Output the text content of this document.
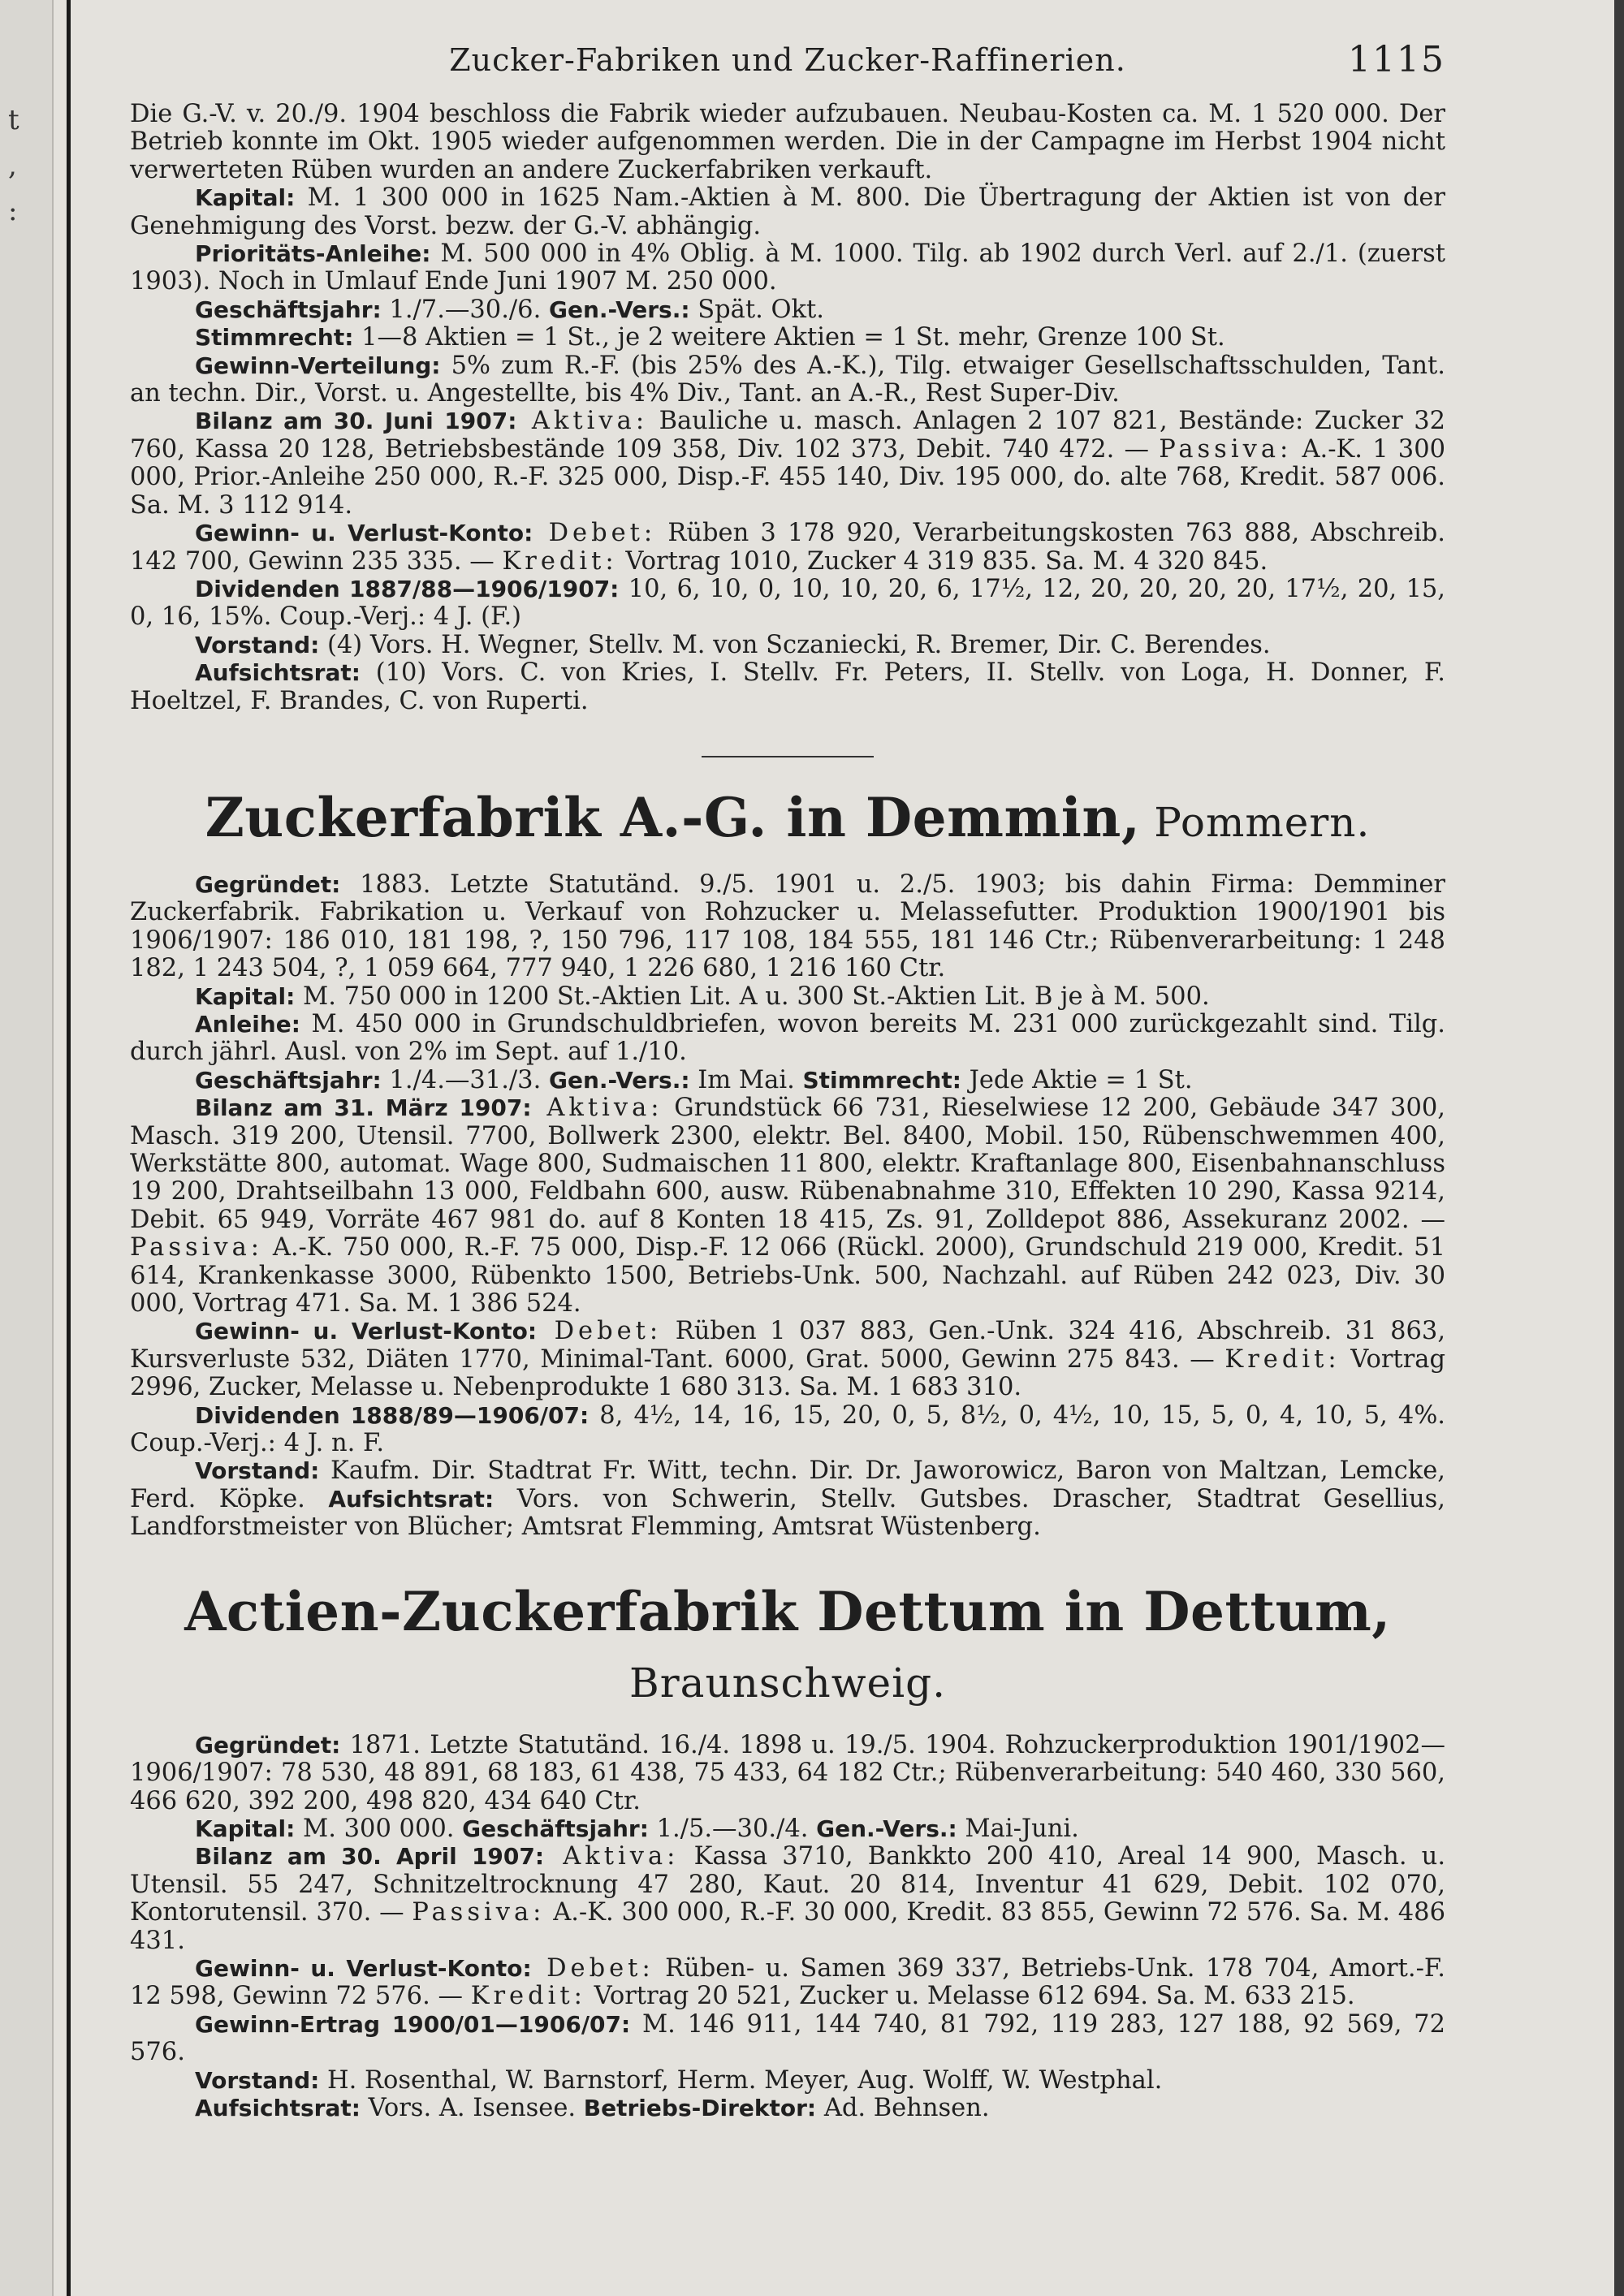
t
,
:
Zucker-Fabriken und Zucker-Raffinerien.	1115

Die G.-V. v. 20./9. 1904 beschloss die Fabrik wieder aufzubauen. Neubau-Kosten ca. M. 1 520 000. Der Betrieb konnte im Okt. 1905 wieder aufgenommen werden. Die in der Campagne im Herbst 1904 nicht verwerteten Rüben wurden an andere Zuckerfabriken verkauft.

Kapital: M. 1 300 000 in 1625 Nam.-Aktien à M. 800. Die Übertragung der Aktien ist von der Genehmigung des Vorst. bezw. der G.-V. abhängig.

Prioritäts-Anleihe: M. 500 000 in 4% Oblig. à M. 1000. Tilg. ab 1902 durch Verl. auf 2./1. (zuerst 1903). Noch in Umlauf Ende Juni 1907 M. 250 000.

Geschäftsjahr: 1./7.—30./6. Gen.-Vers.: Spät. Okt.

Stimmrecht: 1—8 Aktien = 1 St., je 2 weitere Aktien = 1 St. mehr, Grenze 100 St.

Gewinn-Verteilung: 5% zum R.-F. (bis 25% des A.-K.), Tilg. etwaiger Gesellschaftsschulden, Tant. an techn. Dir., Vorst. u. Angestellte, bis 4% Div., Tant. an A.-R., Rest Super-Div.

Bilanz am 30. Juni 1907: Aktiva: Bauliche u. masch. Anlagen 2 107 821, Bestände: Zucker 32 760, Kassa 20 128, Betriebsbestände 109 358, Div. 102 373, Debit. 740 472. — Passiva: A.-K. 1 300 000, Prior.-Anleihe 250 000, R.-F. 325 000, Disp.-F. 455 140, Div. 195 000, do. alte 768, Kredit. 587 006. Sa. M. 3 112 914.

Gewinn- u. Verlust-Konto: Debet: Rüben 3 178 920, Verarbeitungskosten 763 888, Abschreib. 142 700, Gewinn 235 335. — Kredit: Vortrag 1010, Zucker 4 319 835. Sa. M. 4 320 845.

Dividenden 1887/88—1906/1907: 10, 6, 10, 0, 10, 10, 20, 6, 17½, 12, 20, 20, 20, 20, 17½, 20, 15, 0, 16, 15%. Coup.-Verj.: 4 J. (F.)

Vorstand: (4) Vors. H. Wegner, Stellv. M. von Sczaniecki, R. Bremer, Dir. C. Berendes.

Aufsichtsrat: (10) Vors. C. von Kries, I. Stellv. Fr. Peters, II. Stellv. von Loga, H. Donner, F. Hoeltzel, F. Brandes, C. von Ruperti.

Zuckerfabrik A.-G. in Demmin, Pommern.

Gegründet: 1883. Letzte Statutänd. 9./5. 1901 u. 2./5. 1903; bis dahin Firma: Demminer Zuckerfabrik. Fabrikation u. Verkauf von Rohzucker u. Melassefutter. Produktion 1900/1901 bis 1906/1907: 186 010, 181 198, ?, 150 796, 117 108, 184 555, 181 146 Ctr.; Rübenverarbeitung: 1 248 182, 1 243 504, ?, 1 059 664, 777 940, 1 226 680, 1 216 160 Ctr.

Kapital: M. 750 000 in 1200 St.-Aktien Lit. A u. 300 St.-Aktien Lit. B je à M. 500.

Anleihe: M. 450 000 in Grundschuldbriefen, wovon bereits M. 231 000 zurückgezahlt sind. Tilg. durch jährl. Ausl. von 2% im Sept. auf 1./10.

Geschäftsjahr: 1./4.—31./3. Gen.-Vers.: Im Mai. Stimmrecht: Jede Aktie = 1 St.

Bilanz am 31. März 1907: Aktiva: Grundstück 66 731, Rieselwiese 12 200, Gebäude 347 300, Masch. 319 200, Utensil. 7700, Bollwerk 2300, elektr. Bel. 8400, Mobil. 150, Rübenschwemmen 400, Werkstätte 800, automat. Wage 800, Sudmaischen 11 800, elektr. Kraftanlage 800, Eisenbahnanschluss 19 200, Drahtseilbahn 13 000, Feldbahn 600, ausw. Rübenabnahme 310, Effekten 10 290, Kassa 9214, Debit. 65 949, Vorräte 467 981 do. auf 8 Konten 18 415, Zs. 91, Zolldepot 886, Assekuranz 2002. — Passiva: A.-K. 750 000, R.-F. 75 000, Disp.-F. 12 066 (Rückl. 2000), Grundschuld 219 000, Kredit. 51 614, Krankenkasse 3000, Rübenkto 1500, Betriebs-Unk. 500, Nachzahl. auf Rüben 242 023, Div. 30 000, Vortrag 471. Sa. M. 1 386 524.

Gewinn- u. Verlust-Konto: Debet: Rüben 1 037 883, Gen.-Unk. 324 416, Abschreib. 31 863, Kursverluste 532, Diäten 1770, Minimal-Tant. 6000, Grat. 5000, Gewinn 275 843. — Kredit: Vortrag 2996, Zucker, Melasse u. Nebenprodukte 1 680 313. Sa. M. 1 683 310.

Dividenden 1888/89—1906/07: 8, 4½, 14, 16, 15, 20, 0, 5, 8½, 0, 4½, 10, 15, 5, 0, 4, 10, 5, 4%. Coup.-Verj.: 4 J. n. F.

Vorstand: Kaufm. Dir. Stadtrat Fr. Witt, techn. Dir. Dr. Jaworowicz, Baron von Maltzan, Lemcke, Ferd. Köpke. Aufsichtsrat: Vors. von Schwerin, Stellv. Gutsbes. Drascher, Stadtrat Gesellius, Landforstmeister von Blücher; Amtsrat Flemming, Amtsrat Wüstenberg.

Actien-Zuckerfabrik Dettum in Dettum, Braunschweig.

Gegründet: 1871. Letzte Statutänd. 16./4. 1898 u. 19./5. 1904. Rohzuckerproduktion 1901/1902—1906/1907: 78 530, 48 891, 68 183, 61 438, 75 433, 64 182 Ctr.; Rübenverarbeitung: 540 460, 330 560, 466 620, 392 200, 498 820, 434 640 Ctr.

Kapital: M. 300 000. Geschäftsjahr: 1./5.—30./4. Gen.-Vers.: Mai-Juni.

Bilanz am 30. April 1907: Aktiva: Kassa 3710, Bankkto 200 410, Areal 14 900, Masch. u. Utensil. 55 247, Schnitzeltrocknung 47 280, Kaut. 20 814, Inventur 41 629, Debit. 102 070, Kontorutensil. 370. — Passiva: A.-K. 300 000, R.-F. 30 000, Kredit. 83 855, Gewinn 72 576. Sa. M. 486 431.

Gewinn- u. Verlust-Konto: Debet: Rüben- u. Samen 369 337, Betriebs-Unk. 178 704, Amort.-F. 12 598, Gewinn 72 576. — Kredit: Vortrag 20 521, Zucker u. Melasse 612 694. Sa. M. 633 215.

Gewinn-Ertrag 1900/01—1906/07: M. 146 911, 144 740, 81 792, 119 283, 127 188, 92 569, 72 576.

Vorstand: H. Rosenthal, W. Barnstorf, Herm. Meyer, Aug. Wolff, W. Westphal.

Aufsichtsrat: Vors. A. Isensee. Betriebs-Direktor: Ad. Behnsen.
